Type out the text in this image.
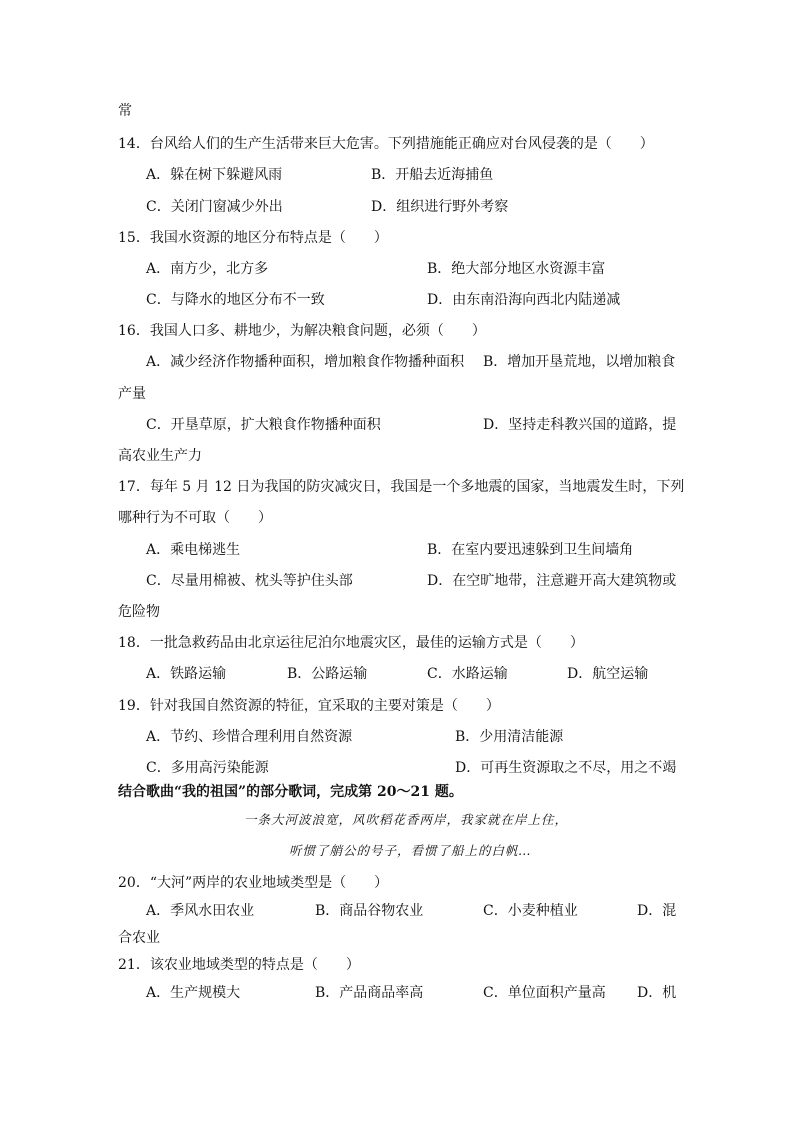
常
14．台风给人们的生产生活带来巨大危害。下列措施能正确应对台风侵袭的是（　　）
A．躲在树下躲避风雨	B．开船去近海捕鱼
C．关闭门窗减少外出	D．组织进行野外考察
15．我国水资源的地区分布特点是（　　）
A．南方少，北方多	B．绝大部分地区水资源丰富
C．与降水的地区分布不一致	D．由东南沿海向西北内陆递减
16．我国人口多、耕地少，为解决粮食问题，必须（　　）
A．减少经济作物播种面积，增加粮食作物播种面积 B．增加开垦荒地，以增加粮食
产量
C．开垦草原，扩大粮食作物播种面积	D．坚持走科教兴国的道路，提
高农业生产力
17．每年 5 月 12 日为我国的防灾减灾日，我国是一个多地震的国家，当地震发生时，下列
哪种行为不可取（　　）
A．乘电梯逃生	B．在室内要迅速躲到卫生间墙角
C．尽量用棉被、枕头等护住头部	D．在空旷地带，注意避开高大建筑物或
危险物
18．一批急救药品由北京运往尼泊尔地震灾区，最佳的运输方式是（　　）
A．铁路运输	B．公路运输	C．水路运输	D．航空运输
19．针对我国自然资源的特征，宜采取的主要对策是（　　）
A．节约、珍惜合理利用自然资源	B．少用清洁能源
C．多用高污染能源	D．可再生资源取之不尽，用之不竭
结合歌曲“我的祖国”的部分歌词，完成第 20～21 题。
一条大河波浪宽，风吹稻花香两岸，我家就在岸上住，
听惯了艄公的号子，看惯了船上的白帆…
20．“大河”两岸的农业地域类型是（　　）
A．季风水田农业	B．商品谷物农业	C．小麦种植业	D．混
合农业
21．该农业地域类型的特点是（　　）
A．生产规模大	B．产品商品率高	C．单位面积产量高 D．机
